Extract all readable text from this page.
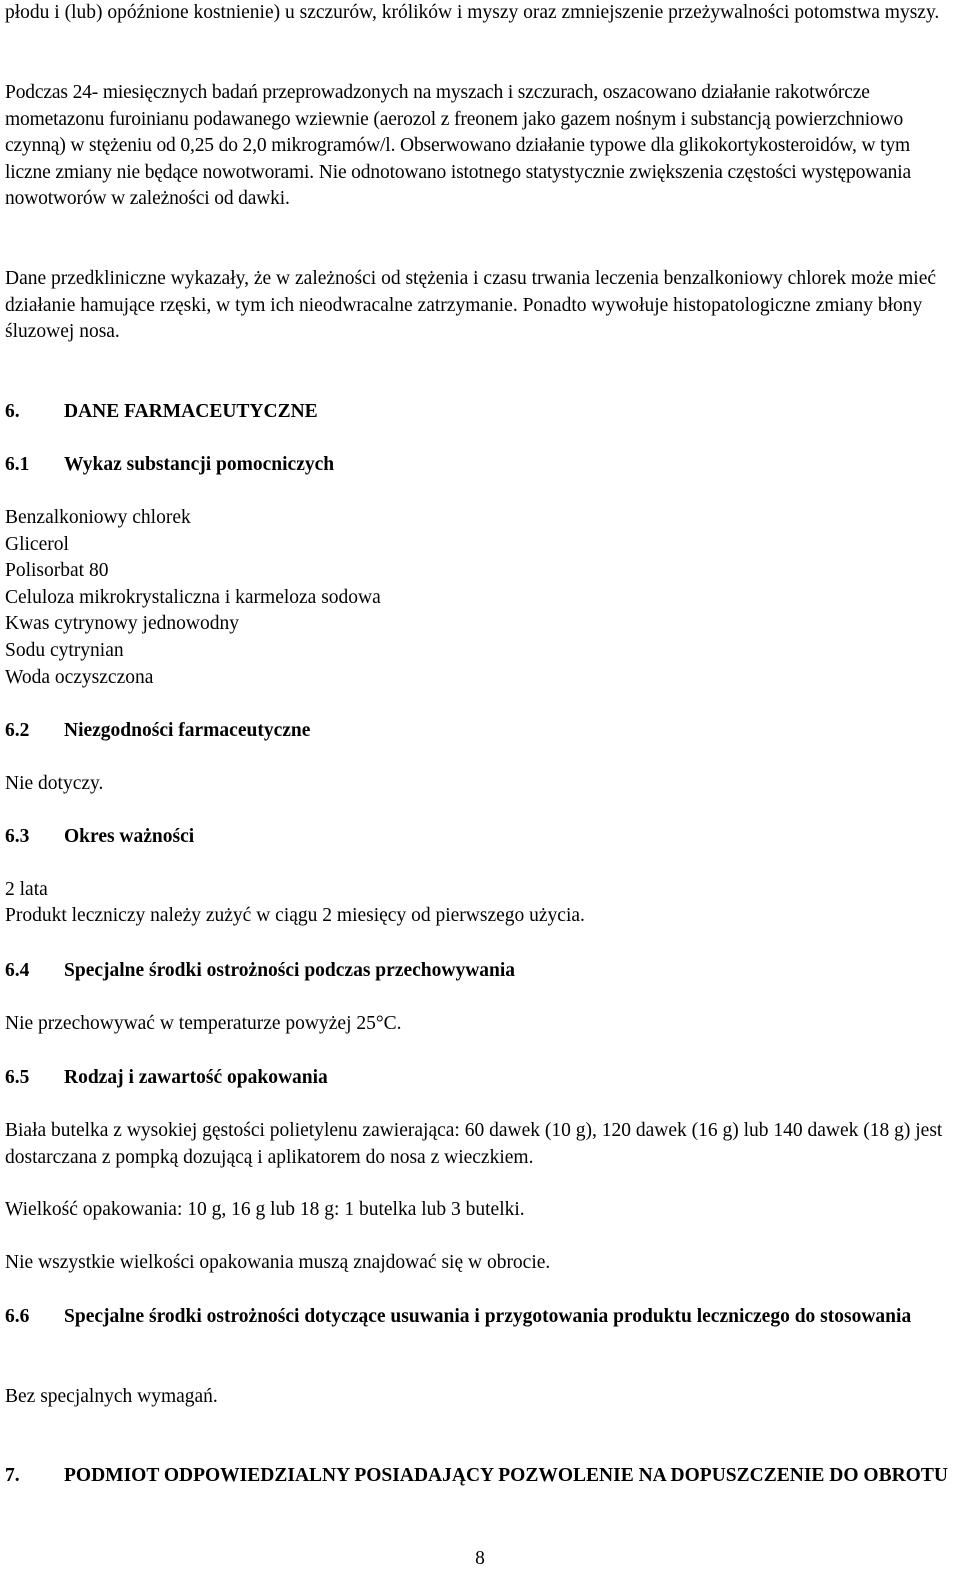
płodu i (lub) opóźnione kostnienie) u szczurów, królików i myszy oraz zmniejszenie przeżywalności potomstwa myszy.

Podczas 24- miesięcznych badań przeprowadzonych na myszach i szczurach, oszacowano działanie rakotwórcze mometazonu furoinianu podawanego wziewnie (aerozol z freonem jako gazem nośnym i substancją powierzchniowo czynną) w stężeniu od 0,25 do 2,0 mikrogramów/l. Obserwowano działanie typowe dla glikokortykosteroidów, w tym liczne zmiany nie będące nowotworami. Nie odnotowano istotnego statystycznie zwiększenia częstości występowania nowotworów w zależności od dawki.

Dane przedkliniczne wykazały, że w zależności od stężenia i czasu trwania leczenia benzalkoniowy chlorek może mieć działanie hamujące rzęski, w tym ich nieodwracalne zatrzymanie. Ponadto wywołuje histopatologiczne zmiany błony śluzowej nosa.

6. DANE FARMACEUTYCZNE
6.1 Wykaz substancji pomocniczych
Benzalkoniowy chlorek
Glicerol
Polisorbat 80
Celuloza mikrokrystaliczna i karmeloza sodowa
Kwas cytrynowy jednowodny
Sodu cytrynian
Woda oczyszczona
6.2 Niezgodności farmaceutyczne

Nie dotyczy.

6.3 Okres ważności

2 lata

Produkt leczniczy należy zużyć w ciągu 2 miesięcy od pierwszego użycia.

6.4 Specjalne środki ostrożności podczas przechowywania

Nie przechowywać w temperaturze powyżej 25°C.

6.5 Rodzaj i zawartość opakowania

Biała butelka z wysokiej gęstości polietylenu zawierająca: 60 dawek (10 g), 120 dawek (16 g) lub 140 dawek (18 g) jest dostarczana z pompką dozującą i aplikatorem do nosa z wieczkiem.

Wielkość opakowania: 10 g, 16 g lub 18 g: 1 butelka lub 3 butelki.

Nie wszystkie wielkości opakowania muszą znajdować się w obrocie.

6.6 Specjalne środki ostrożności dotyczące usuwania i przygotowania produktu leczniczego do stosowania

Bez specjalnych wymagań.

7. PODMIOT ODPOWIEDZIALNY POSIADAJĄCY POZWOLENIE NA DOPUSZCZENIE DO OBROTU
8
